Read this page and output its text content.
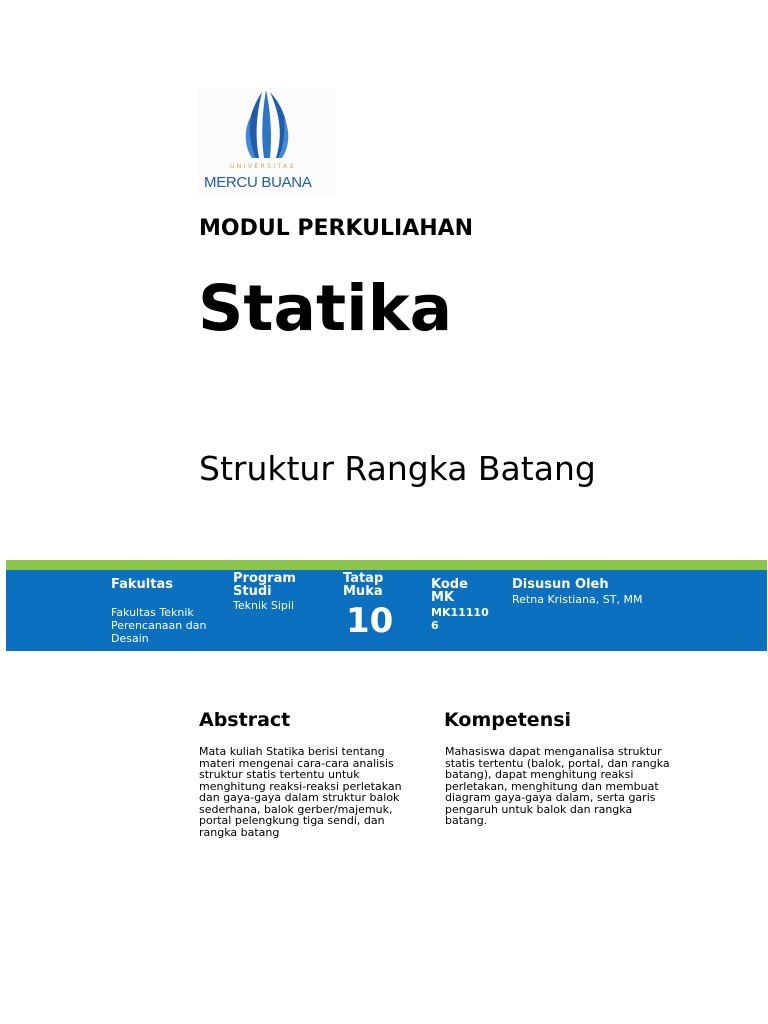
UNIVERSITAS
MERCU BUANA
MODUL PERKULIAHAN
Statika
Struktur Rangka Batang
Fakultas
Fakultas Teknik Perencanaan dan Desain
Program Studi
Teknik Sipil
Tatap Muka
10
Kode MK
MK11110 6
Disusun Oleh
Retna Kristiana, ST, MM
Abstract
Mata kuliah Statika berisi tentang materi mengenai cara-cara analisis struktur statis tertentu untuk menghitung reaksi-reaksi perletakan dan gaya-gaya dalam struktur balok sederhana, balok gerber/majemuk, portal pelengkung tiga sendi, dan rangka batang
Kompetensi
Mahasiswa dapat menganalisa struktur statis tertentu (balok, portal, dan rangka batang), dapat menghitung reaksi perletakan, menghitung dan membuat diagram gaya-gaya dalam, serta garis pengaruh untuk balok dan rangka batang.
